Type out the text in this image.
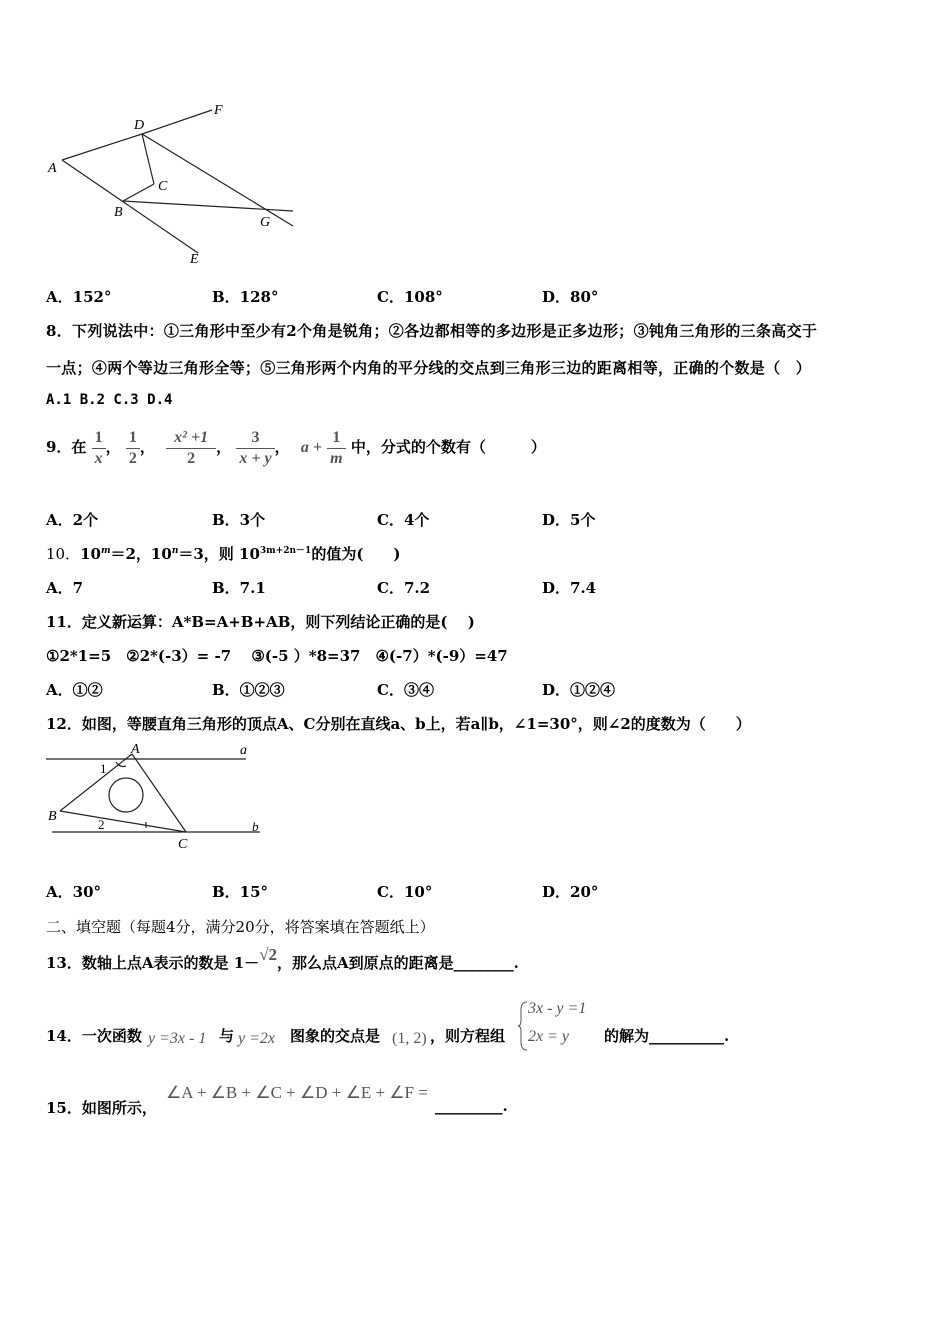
A
D
F
C
B
G
E
A．152°	B．128°	C．108°	D．80°
8．下列说法中：①三角形中至少有2个角是锐角；②各边都相等的多边形是正多边形；③钝角三角形的三条高交于
一点；④两个等边三角形全等；⑤三角形两个内角的平分线的交点到三角形三边的距离相等，正确的个数是（　）
A.1 B.2 C.3 D.4
9．在 $\frac{1}{x}$ ， $\frac{1}{2}$ ， $\frac{\text{x² +1}}{2}$ ， $\frac{3}{x + y}$ ， $a + \frac{1}{m}$ 中，分式的个数有（　　　）
A．2个	B．3个	C．4个	D．5个
10．$10^m=2$，$10^n=3$，则 $10^{3m+2n-1}$的值为(　　)
A．7	B．7.1	C．7.2	D．7.4
11．定义新运算：A*B=A+B+AB，则下列结论正确的是(　 )
①2*1=5　②2*(-3）= -7　 ③(-5 ）*8=37　④(-7）*(-9）=47
A．①②	B．①②③	C．③④	D．①②④
12．如图，等腰直角三角形的顶点A、C分别在直线a、b上，若a∥b，∠1=30°，则∠2的度数为（　　）
A	a
B
b
C
1
2
A．30°	B．15°	C．10°	D．20°
二、填空题（每题4分，满分20分，将答案填在答题纸上）
13．数轴上点A表示的数是 1－√2，那么点A到原点的距离是________.
14．一次函数 y =3x - 1 与 y =2x 图象的交点是 (1, 2) ，则方程组
3x - y =1
2x = y 的解为__________.
15．如图所示，
∠A + ∠B + ∠C + ∠D + ∠E + ∠F =
_________.
